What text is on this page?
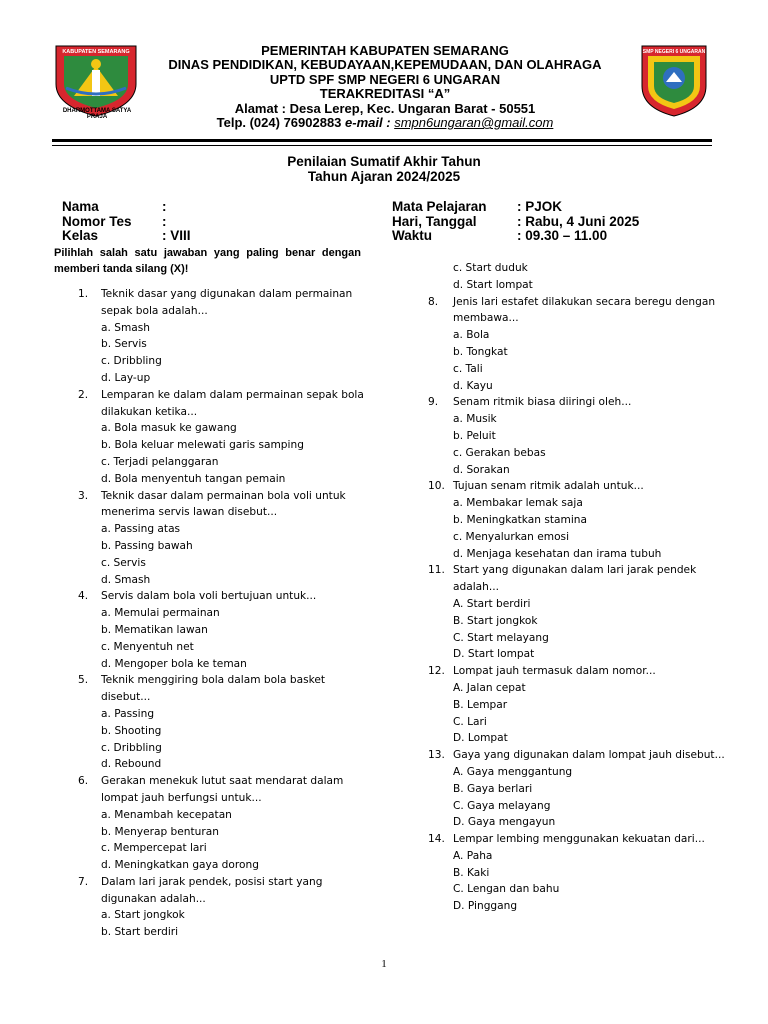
KABUPATEN SEMARANG
DHARMOTTAMA SATYA PRAJA
PEMERINTAH KABUPATEN SEMARANG
DINAS PENDIDIKAN, KEBUDAYAAN,KEPEMUDAAN, DAN OLAHRAGA
UPTD SPF SMP NEGERI 6 UNGARAN
TERAKREDITASI “A”
Alamat : Desa Lerep, Kec. Ungaran Barat - 50551
Telp. (024) 76902883 e-mail : smpn6ungaran@gmail.com
SMP NEGERI 6 UNGARAN
Penilaian Sumatif Akhir Tahun
Tahun Ajaran 2024/2025
Nama	:
Nomor Tes	:
Kelas	: VIII
Mata Pelajaran	: PJOK
Hari, Tanggal	: Rabu, 4 Juni 2025
Waktu	: 09.30 – 11.00
Pilihlah salah satu jawaban yang paling benar dengan memberi tanda silang (X)!
1. Teknik dasar yang digunakan dalam permainan sepak bola adalah...
a. Smash
b. Servis
c. Dribbling
d. Lay-up
2. Lemparan ke dalam dalam permainan sepak bola dilakukan ketika...
a. Bola masuk ke gawang
b. Bola keluar melewati garis samping
c. Terjadi pelanggaran
d. Bola menyentuh tangan pemain
3. Teknik dasar dalam permainan bola voli untuk menerima servis lawan disebut...
a. Passing atas
b. Passing bawah
c. Servis
d. Smash
4. Servis dalam bola voli bertujuan untuk...
a. Memulai permainan
b. Mematikan lawan
c. Menyentuh net
d. Mengoper bola ke teman
5. Teknik menggiring bola dalam bola basket disebut...
a. Passing
b. Shooting
c. Dribbling
d. Rebound
6. Gerakan menekuk lutut saat mendarat dalam lompat jauh berfungsi untuk...
a. Menambah kecepatan
b. Menyerap benturan
c. Mempercepat lari
d. Meningkatkan gaya dorong
7. Dalam lari jarak pendek, posisi start yang digunakan adalah...
a. Start jongkok
b. Start berdiri
c. Start duduk
d. Start lompat
8. Jenis lari estafet dilakukan secara beregu dengan membawa...
a. Bola
b. Tongkat
c. Tali
d. Kayu
9. Senam ritmik biasa diiringi oleh...
a. Musik
b. Peluit
c. Gerakan bebas
d. Sorakan
10. Tujuan senam ritmik adalah untuk...
a. Membakar lemak saja
b. Meningkatkan stamina
c. Menyalurkan emosi
d. Menjaga kesehatan dan irama tubuh
11. Start yang digunakan dalam lari jarak pendek adalah...
A. Start berdiri
B. Start jongkok
C. Start melayang
D. Start lompat
12. Lompat jauh termasuk dalam nomor...
A. Jalan cepat
B. Lempar
C. Lari
D. Lompat
13. Gaya yang digunakan dalam lompat jauh disebut...
A. Gaya menggantung
B. Gaya berlari
C. Gaya melayang
D. Gaya mengayun
14. Lempar lembing menggunakan kekuatan dari...
A. Paha
B. Kaki
C. Lengan dan bahu
D. Pinggang
1
